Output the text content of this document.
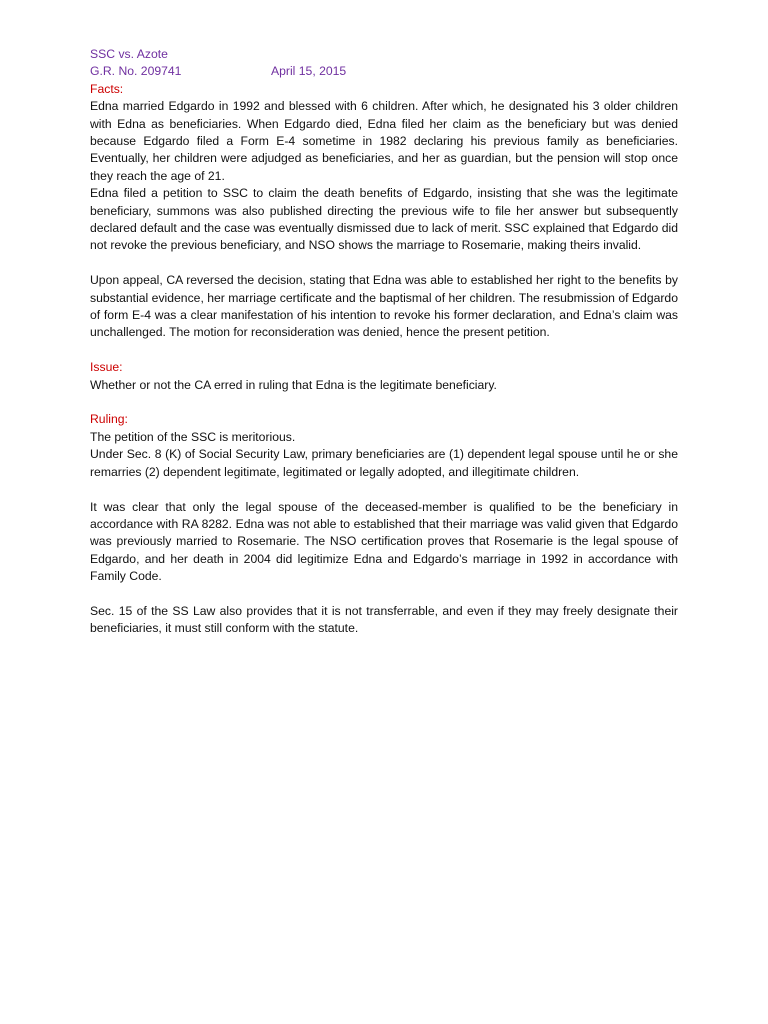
SSC vs. Azote
G.R. No. 209741	April 15, 2015
Facts:

Edna married Edgardo in 1992 and blessed with 6 children. After which, he designated his 3 older children with Edna as beneficiaries. When Edgardo died, Edna filed her claim as the beneficiary but was denied because Edgardo filed a Form E-4 sometime in 1982 declaring his previous family as beneficiaries. Eventually, her children were adjudged as beneficiaries, and her as guardian, but the pension will stop once they reach the age of 21.

Edna filed a petition to SSC to claim the death benefits of Edgardo, insisting that she was the legitimate beneficiary, summons was also published directing the previous wife to file her answer but subsequently declared default and the case was eventually dismissed due to lack of merit. SSC explained that Edgardo did not revoke the previous beneficiary, and NSO shows the marriage to Rosemarie, making theirs invalid.

Upon appeal, CA reversed the decision, stating that Edna was able to established her right to the benefits by substantial evidence, her marriage certificate and the baptismal of her children. The resubmission of Edgardo of form E-4 was a clear manifestation of his intention to revoke his former declaration, and Edna’s claim was unchallenged. The motion for reconsideration was denied, hence the present petition.

Issue:

Whether or not the CA erred in ruling that Edna is the legitimate beneficiary.

Ruling:

The petition of the SSC is meritorious.

Under Sec. 8 (K) of Social Security Law, primary beneficiaries are (1) dependent legal spouse until he or she remarries (2) dependent legitimate, legitimated or legally adopted, and illegitimate children.

It was clear that only the legal spouse of the deceased-member is qualified to be the beneficiary in accordance with RA 8282. Edna was not able to established that their marriage was valid given that Edgardo was previously married to Rosemarie. The NSO certification proves that Rosemarie is the legal spouse of Edgardo, and her death in 2004 did legitimize Edna and Edgardo’s marriage in 1992 in accordance with Family Code.

Sec. 15 of the SS Law also provides that it is not transferrable, and even if they may freely designate their beneficiaries, it must still conform with the statute.
